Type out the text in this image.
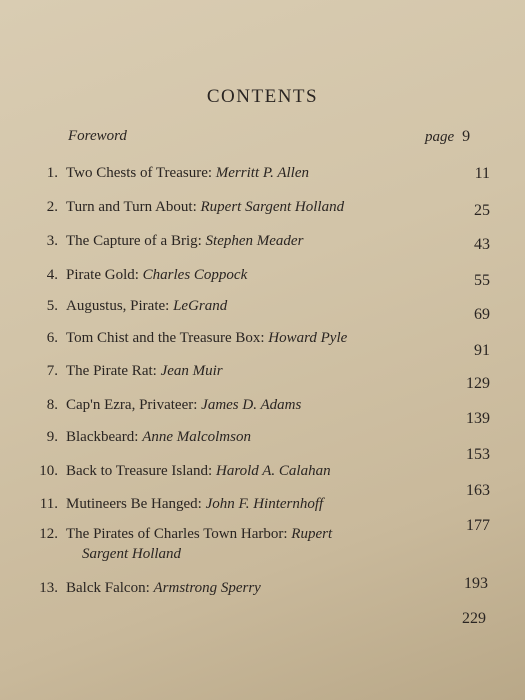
CONTENTS
Foreword	page 9
1. Two Chests of Treasure: Merritt P. Allen
2. Turn and Turn About: Rupert Sargent Holland
3. The Capture of a Brig: Stephen Meader
4. Pirate Gold: Charles Coppock
5. Augustus, Pirate: LeGrand
6. Tom Chist and the Treasure Box: Howard Pyle
7. The Pirate Rat: Jean Muir
8. Cap'n Ezra, Privateer: James D. Adams
9. Blackbeard: Anne Malcolmson
10. Back to Treasure Island: Harold A. Calahan
11. Mutineers Be Hanged: John F. Hinternhoff
12. The Pirates of Charles Town Harbor: Rupert
Sargent Holland
13. Balck Falcon: Armstrong Sperry
11
25
43
55
69
91
129
139
153
163
177
193
229
